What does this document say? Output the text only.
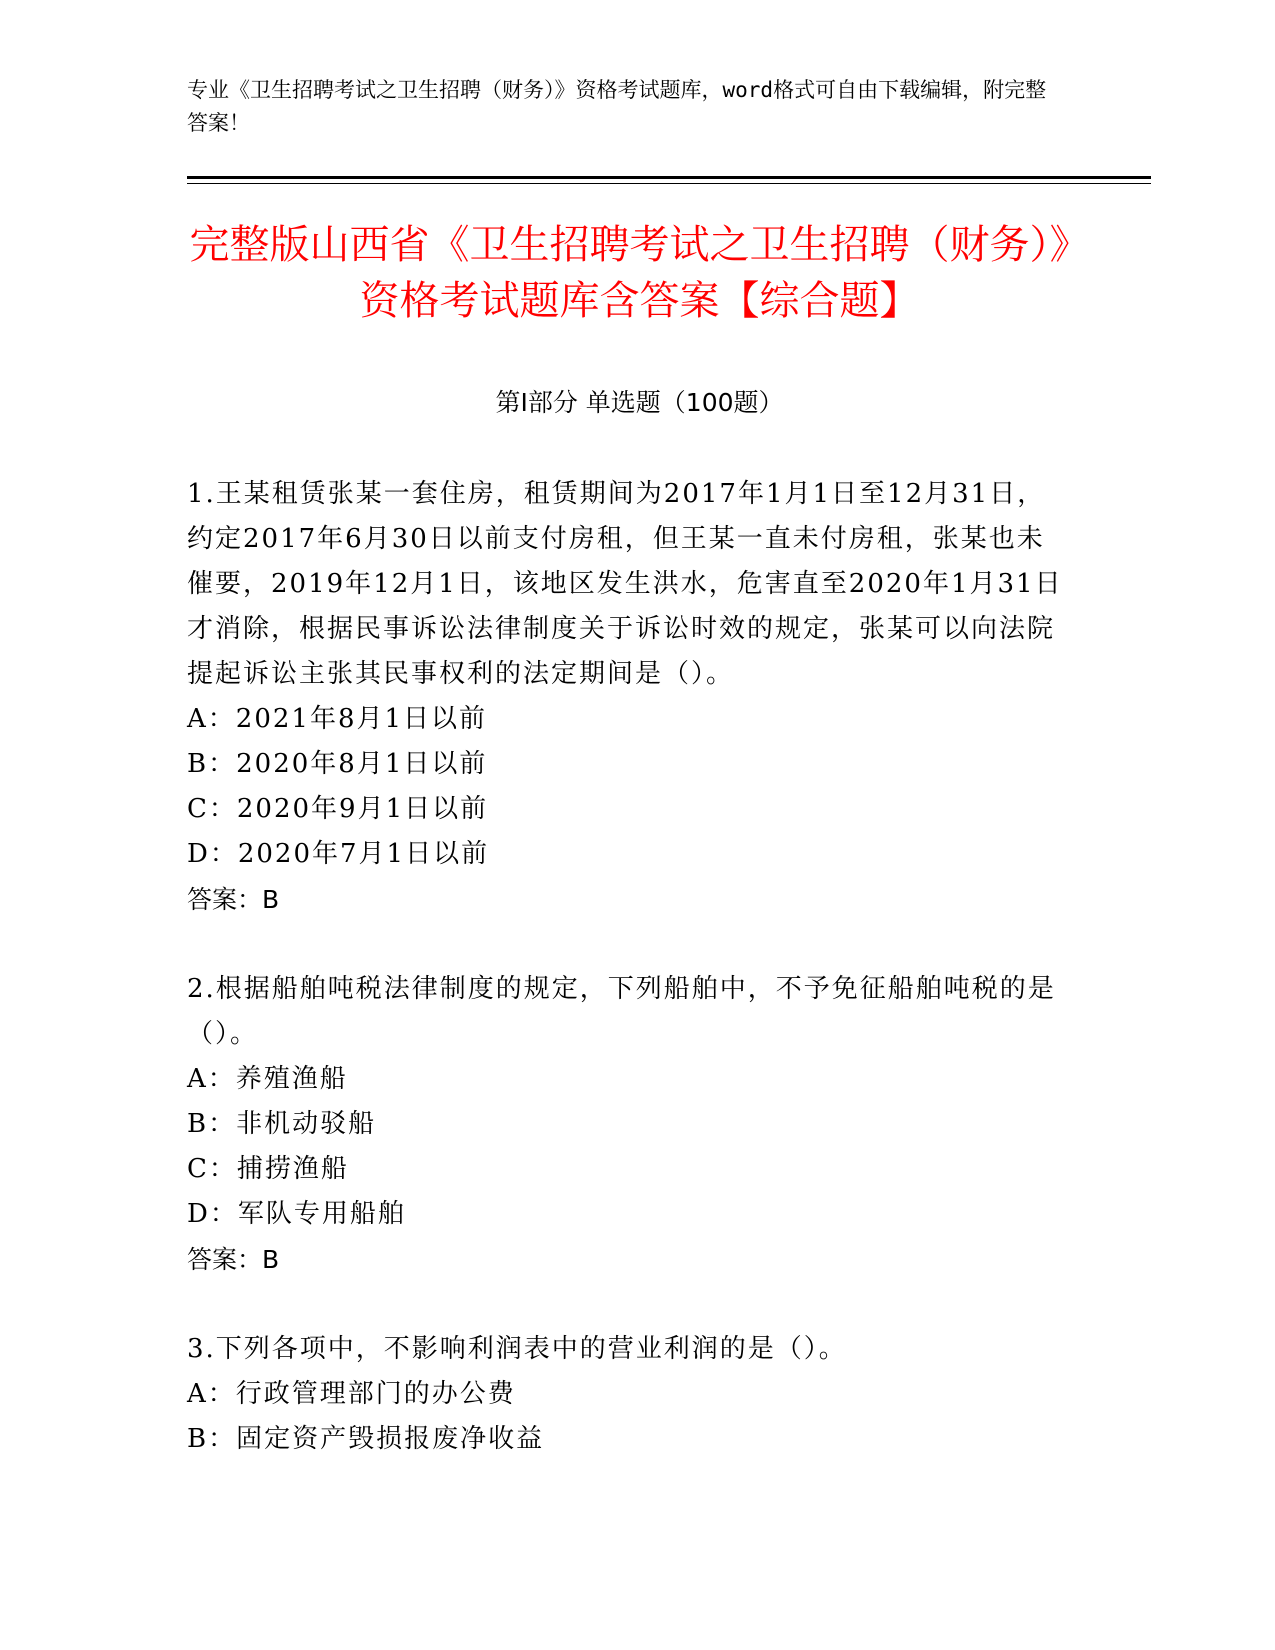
专业《卫生招聘考试之卫生招聘（财务）》资格考试题库，word格式可自由下载编辑，附完整答案！
完整版山西省《卫生招聘考试之卫生招聘（财务）》资格考试题库含答案【综合题】
第Ⅰ部分 单选题（100题）
1.王某租赁张某一套住房，租赁期间为2017年1月1日至12月31日，约定2017年6月30日以前支付房租，但王某一直未付房租，张某也未催要，2019年12月1日，该地区发生洪水，危害直至2020年1月31日才消除，根据民事诉讼法律制度关于诉讼时效的规定，张某可以向法院提起诉讼主张其民事权利的法定期间是（）。
A：2021年8月1日以前
B：2020年8月1日以前
C：2020年9月1日以前
D：2020年7月1日以前
答案：B
2.根据船舶吨税法律制度的规定，下列船舶中，不予免征船舶吨税的是（）。
A：养殖渔船
B：非机动驳船
C：捕捞渔船
D：军队专用船舶
答案：B
3.下列各项中，不影响利润表中的营业利润的是（）。
A：行政管理部门的办公费
B：固定资产毁损报废净收益
